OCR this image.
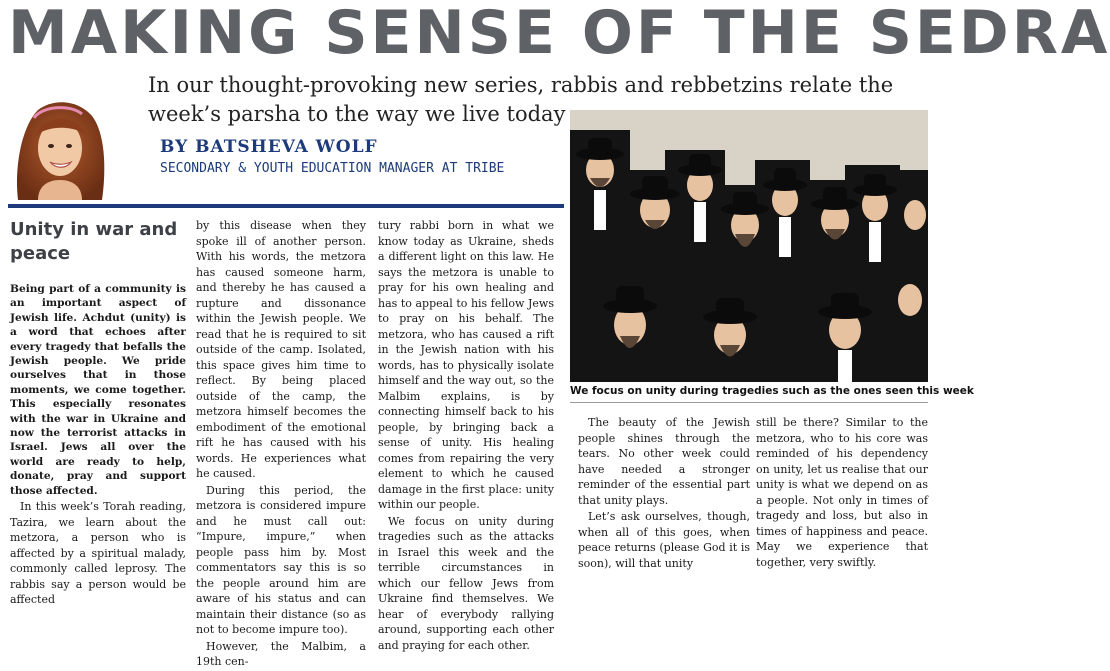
MAKING SENSE OF THE SEDRA
In our thought-provoking new series, rabbis and rebbetzins relate the week’s parsha to the way we live today
BY BATSHEVA WOLF
SECONDARY & YOUTH EDUCATION MANAGER AT TRIBE
Unity in war and peace

Being part of a community is an important aspect of Jewish life. Achdut (unity) is a word that echoes after every tragedy that befalls the Jewish people. We pride ourselves that in those moments, we come together. This especially resonates with the war in Ukraine and now the terrorist attacks in Israel. Jews all over the world are ready to help, donate, pray and support those affected.

In this week’s Torah reading, Tazira, we learn about the metzora, a person who is affected by a spiritual malady, commonly called leprosy. The rabbis say a person would be affected

by this disease when they spoke ill of another person. With his words, the metzora has caused someone harm, and thereby he has caused a rupture and dissonance within the Jewish people. We read that he is required to sit outside of the camp. Isolated, this space gives him time to reflect. By being placed outside of the camp, the metzora himself becomes the embodiment of the emotional rift he has caused with his words. He experiences what he caused.

During this period, the metzora is considered impure and he must call out: “Impure, impure,” when people pass him by. Most commentators say this is so the people around him are aware of his status and can maintain their distance (so as not to become impure too).

However, the Malbim, a 19th cen-

tury rabbi born in what we know today as Ukraine, sheds a different light on this law. He says the metzora is unable to pray for his own healing and has to appeal to his fellow Jews to pray on his behalf. The metzora, who has caused a rift in the Jewish nation with his words, has to physically isolate himself and the way out, so the Malbim explains, is by connecting himself back to his people, by bringing back a sense of unity. His healing comes from repairing the very element to which he caused damage in the first place: unity within our people.

We focus on unity during tragedies such as the attacks in Israel this week and the terrible circumstances in which our fellow Jews from Ukraine find themselves. We hear of everybody rallying around, supporting each other and praying for each other.

We focus on unity during tragedies such as the ones seen this week

The beauty of the Jewish people shines through the tears. No other week could have needed a stronger reminder of the essential part that unity plays.

Let’s ask ourselves, though, when all of this goes, when peace returns (please God it is soon), will that unity

still be there? Similar to the metzora, who to his core was reminded of his dependency on unity, let us realise that our unity is what we depend on as a people. Not only in times of tragedy and loss, but also in times of happiness and peace. May we experience that together, very swiftly.
